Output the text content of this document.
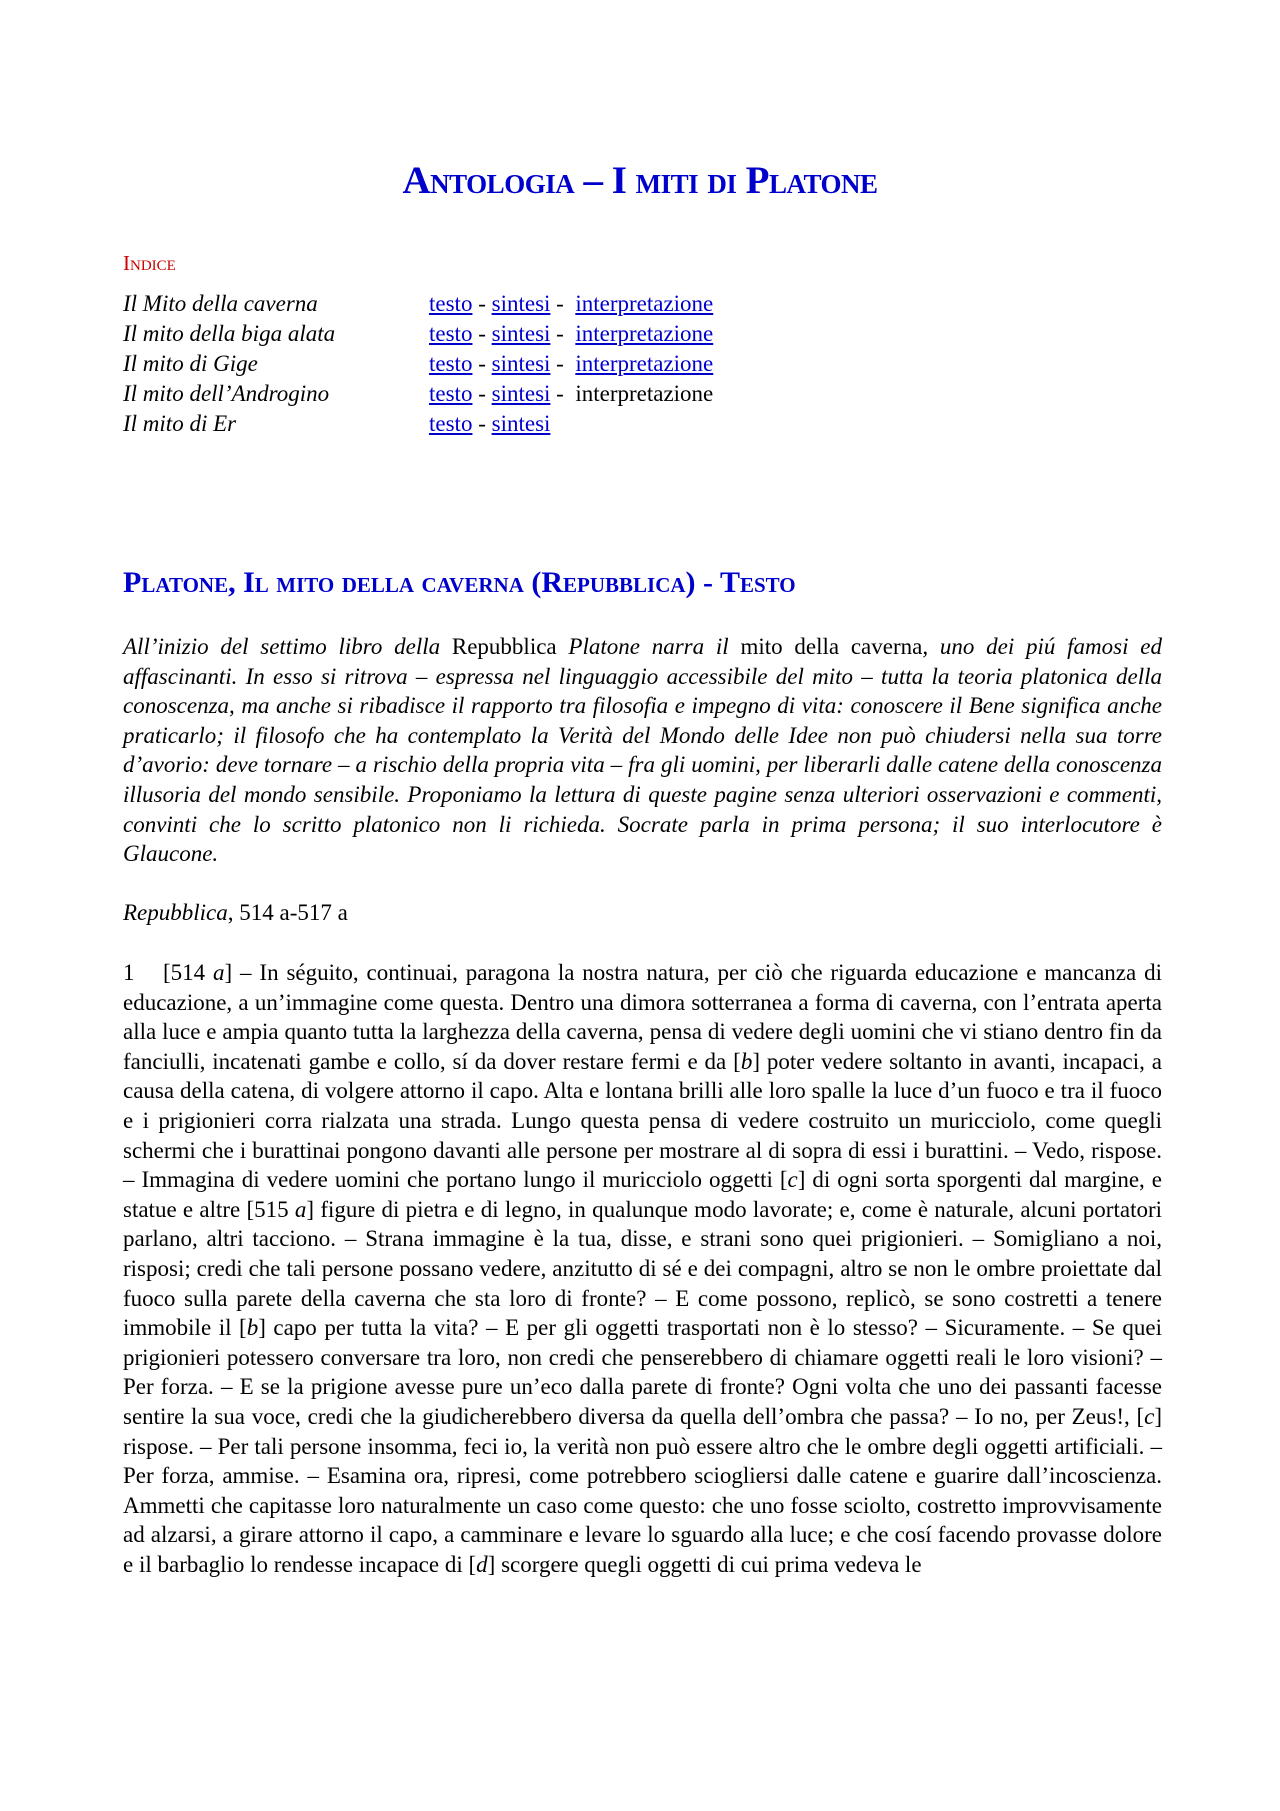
Antologia – I miti di Platone
Indice
Il Mito della caverna	testo - sintesi -  interpretazione
Il mito della biga alata	testo - sintesi -  interpretazione
Il mito di Gige	testo - sintesi -  interpretazione
Il mito dell’Androgino	testo - sintesi -  interpretazione
Il mito di Er	testo - sintesi
Platone, Il mito della caverna (Repubblica) - Testo

All’inizio del settimo libro della Repubblica Platone narra il mito della caverna, uno dei piú famosi ed affascinanti. In esso si ritrova – espressa nel linguaggio accessibile del mito – tutta la teoria platonica della conoscenza, ma anche si ribadisce il rapporto tra filosofia e impegno di vita: conoscere il Bene significa anche praticarlo; il filosofo che ha contemplato la Verità del Mondo delle Idee non può chiudersi nella sua torre d’avorio: deve tornare – a rischio della propria vita – fra gli uomini, per liberarli dalle catene della conoscenza illusoria del mondo sensibile. Proponiamo la lettura di queste pagine senza ulteriori osservazioni e commenti, convinti che lo scritto platonico non li richieda. Socrate parla in prima persona; il suo interlocutore è Glaucone.

Repubblica, 514 a-517 a

1 [514 a] – In séguito, continuai, paragona la nostra natura, per ciò che riguarda educazione e mancanza di educazione, a un’immagine come questa. Dentro una dimora sotterranea a forma di caverna, con l’entrata aperta alla luce e ampia quanto tutta la larghezza della caverna, pensa di vedere degli uomini che vi stiano dentro fin da fanciulli, incatenati gambe e collo, sí da dover restare fermi e da [b] poter vedere soltanto in avanti, incapaci, a causa della catena, di volgere attorno il capo. Alta e lontana brilli alle loro spalle la luce d’un fuoco e tra il fuoco e i prigionieri corra rialzata una strada. Lungo questa pensa di vedere costruito un muricciolo, come quegli schermi che i burattinai pongono davanti alle persone per mostrare al di sopra di essi i burattini. – Vedo, rispose. – Immagina di vedere uomini che portano lungo il muricciolo oggetti [c] di ogni sorta sporgenti dal margine, e statue e altre [515 a] figure di pietra e di legno, in qualunque modo lavorate; e, come è naturale, alcuni portatori parlano, altri tacciono. – Strana immagine è la tua, disse, e strani sono quei prigionieri. – Somigliano a noi, risposi; credi che tali persone possano vedere, anzitutto di sé e dei compagni, altro se non le ombre proiettate dal fuoco sulla parete della caverna che sta loro di fronte? – E come possono, replicò, se sono costretti a tenere immobile il [b] capo per tutta la vita? – E per gli oggetti trasportati non è lo stesso? – Sicuramente. – Se quei prigionieri potessero conversare tra loro, non credi che penserebbero di chiamare oggetti reali le loro visioni? – Per forza. – E se la prigione avesse pure un’eco dalla parete di fronte? Ogni volta che uno dei passanti facesse sentire la sua voce, credi che la giudicherebbero diversa da quella dell’ombra che passa? – Io no, per Zeus!, [c] rispose. – Per tali persone insomma, feci io, la verità non può essere altro che le ombre degli oggetti artificiali. – Per forza, ammise. – Esamina ora, ripresi, come potrebbero sciogliersi dalle catene e guarire dall’incoscienza. Ammetti che capitasse loro naturalmente un caso come questo: che uno fosse sciolto, costretto improvvisamente ad alzarsi, a girare attorno il capo, a camminare e levare lo sguardo alla luce; e che cosí facendo provasse dolore e il barbaglio lo rendesse incapace di [d] scorgere quegli oggetti di cui prima vedeva le
